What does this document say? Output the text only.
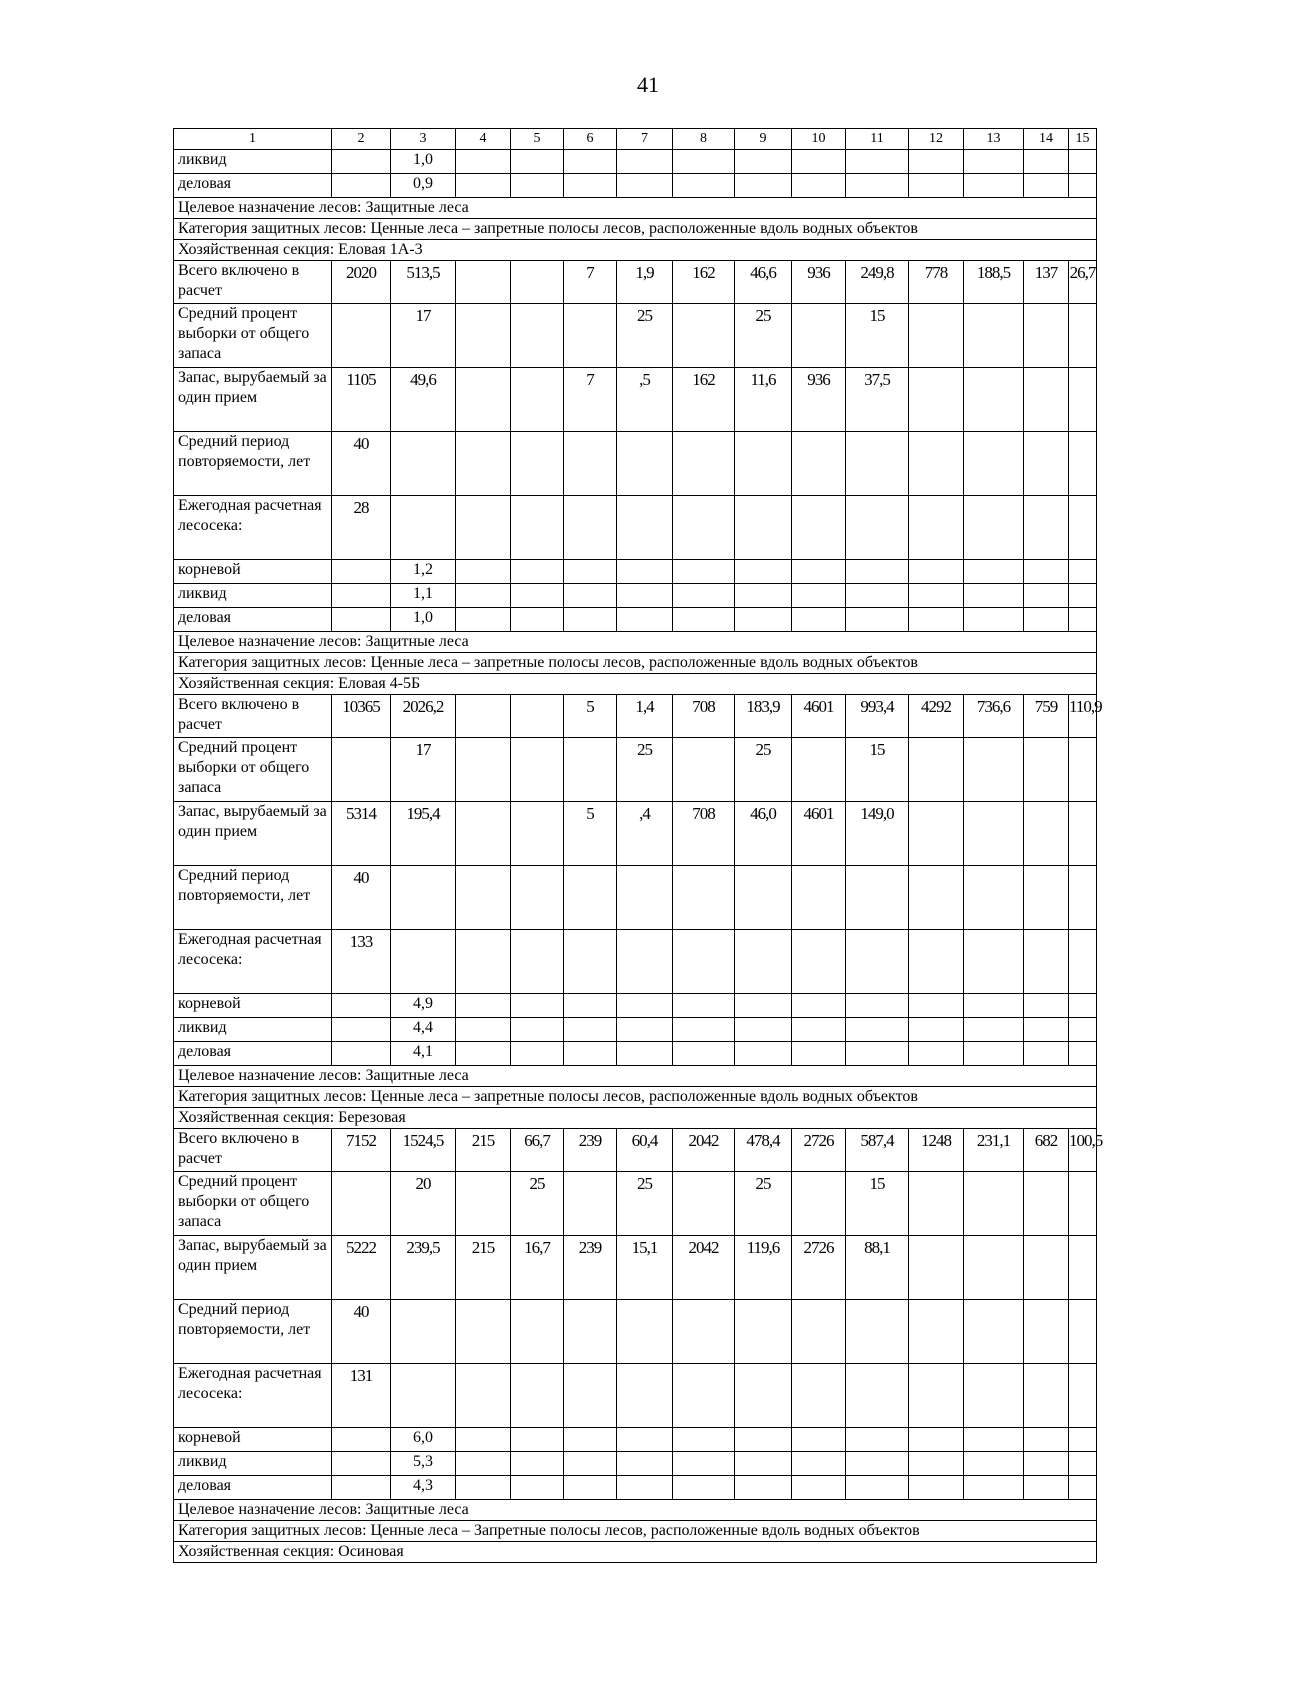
41
1	2	3	4	5	6	7	8	9	10	11	12	13	14	15
ликвид		1,0												
деловая		0,9												
Целевое назначение лесов: Защитные леса														
Категория защитных лесов: Ценные леса – запретные полосы лесов, расположенные вдоль водных объектов														
Хозяйственная секция: Еловая 1А-3														
Всего включено в расчет	2020	513,5			7	1,9	162	46,6	936	249,8	778	188,5	137	26,7
Средний процент выборки от общего запаса		17				25		25		15				
Запас, вырубаемый за один прием	1105	49,6			7	,5	162	11,6	936	37,5				
Средний период повторяемости, лет	40													
Ежегодная расчетная лесосека:	28													
корневой		1,2												
ликвид		1,1												
деловая		1,0												
Целевое назначение лесов: Защитные леса														
Категория защитных лесов: Ценные леса – запретные полосы лесов, расположенные вдоль водных объектов														
Хозяйственная секция: Еловая 4-5Б														
Всего включено в расчет	10365	2026,2			5	1,4	708	183,9	4601	993,4	4292	736,6	759	110,9
Средний процент выборки от общего запаса		17				25		25		15				
Запас, вырубаемый за один прием	5314	195,4			5	,4	708	46,0	4601	149,0				
Средний период повторяемости, лет	40													
Ежегодная расчетная лесосека:	133													
корневой		4,9												
ликвид		4,4												
деловая		4,1												
Целевое назначение лесов: Защитные леса														
Категория защитных лесов: Ценные леса – запретные полосы лесов, расположенные вдоль водных объектов														
Хозяйственная секция: Березовая														
Всего включено в расчет	7152	1524,5	215	66,7	239	60,4	2042	478,4	2726	587,4	1248	231,1	682	100,5
Средний процент выборки от общего запаса		20		25		25		25		15				
Запас, вырубаемый за один прием	5222	239,5	215	16,7	239	15,1	2042	119,6	2726	88,1				
Средний период повторяемости, лет	40													
Ежегодная расчетная лесосека:	131													
корневой		6,0												
ликвид		5,3												
деловая		4,3												
Целевое назначение лесов: Защитные леса														
Категория защитных лесов: Ценные леса – Запретные полосы лесов, расположенные вдоль водных объектов														
Хозяйственная секция: Осиновая														
